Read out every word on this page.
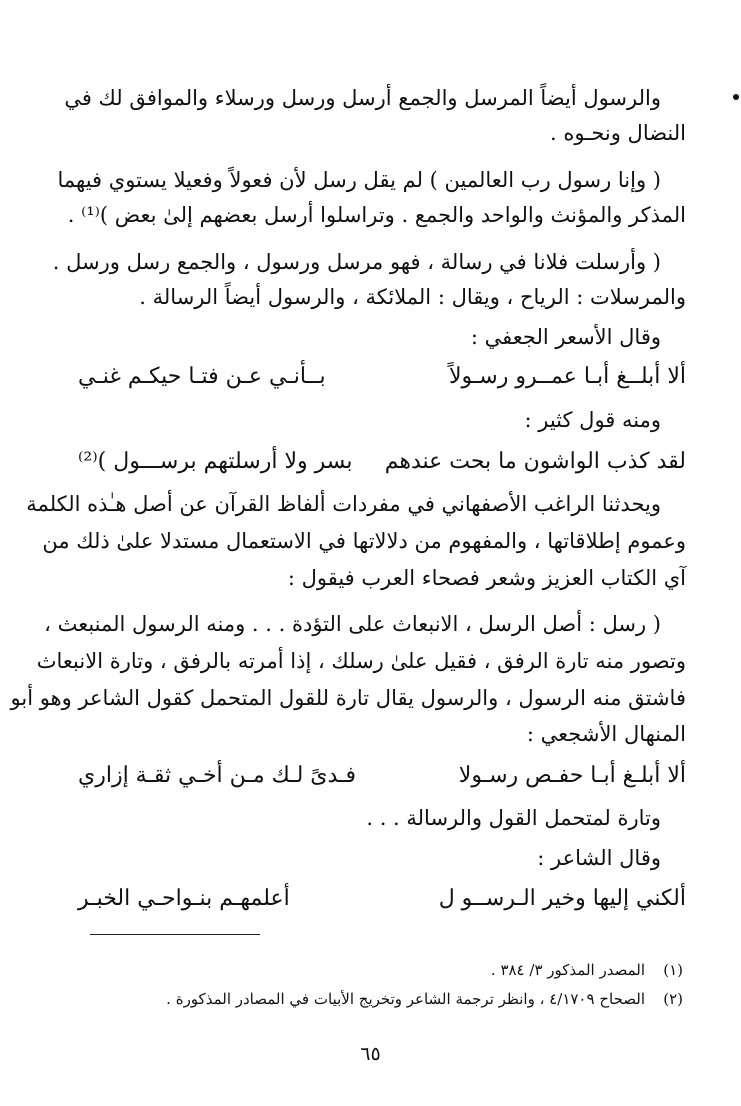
والرسول أيضاً المرسل والجمع أرسل ورسل ورسلاء والموافق لك في
النضال ونحـوه .
( وإنا رسول رب العالمين ) لم يقل رسل لأن فعولاً وفعيلا يستوي فيهما
المذكر والمؤنث والواحد والجمع . وتراسلوا أرسل بعضهم إلىٰ بعض )⁽¹⁾ .
( وأرسلت فلانا في رسالة ، فهو مرسل ورسول ، والجمع رسل ورسل .
والمرسلات : الرياح ، ويقال : الملائكة ، والرسول أيضاً الرسالة .
وقال الأسعر الجعفي :
ألا أبلــغ أبـا عمــرو رسـولاً
بــأنـي عـن فتـا حيكـم غنـي
ومنه قول كثير :
لقد كذب الواشون ما بحت عندهم
بسر ولا أرسلتهم برســـول )⁽²⁾
ويحدثنا الراغب الأصفهاني في مفردات ألفاظ القرآن عن أصل هـٰذه الكلمة
وعموم إطلاقاتها ، والمفهوم من دلالاتها في الاستعمال مستدلا علىٰ ذلك من
آي الكتاب العزيز وشعر فصحاء العرب فيقول :
( رسل : أصل الرسل ، الانبعاث على التؤدة . . . ومنه الرسول المنبعث ،
وتصور منه تارة الرفق ، فقيل علىٰ رسلك ، إذا أمرته بالرفق ، وتارة الانبعاث
فاشتق منه الرسول ، والرسول يقال تارة للقول المتحمل كقول الشاعر وهو أبو
المنهال الأشجعي :
ألا أبلـغ أبـا حفـص رسـولا
فـدىً لـك مـن أخـي ثقـة إزاري
وتارة لمتحمل القول والرسالة . . .
وقال الشاعر :
ألكني إليها وخير الـرســو ل
أعلمهـم بنـواحـي الخبـر
(١)المصدر المذكور ٣/ ٣٨٤ .
(٢)الصحاح ٤/١٧٠٩ ، وانظر ترجمة الشاعر وتخريج الأبيات في المصادر المذكورة .
٦٥
